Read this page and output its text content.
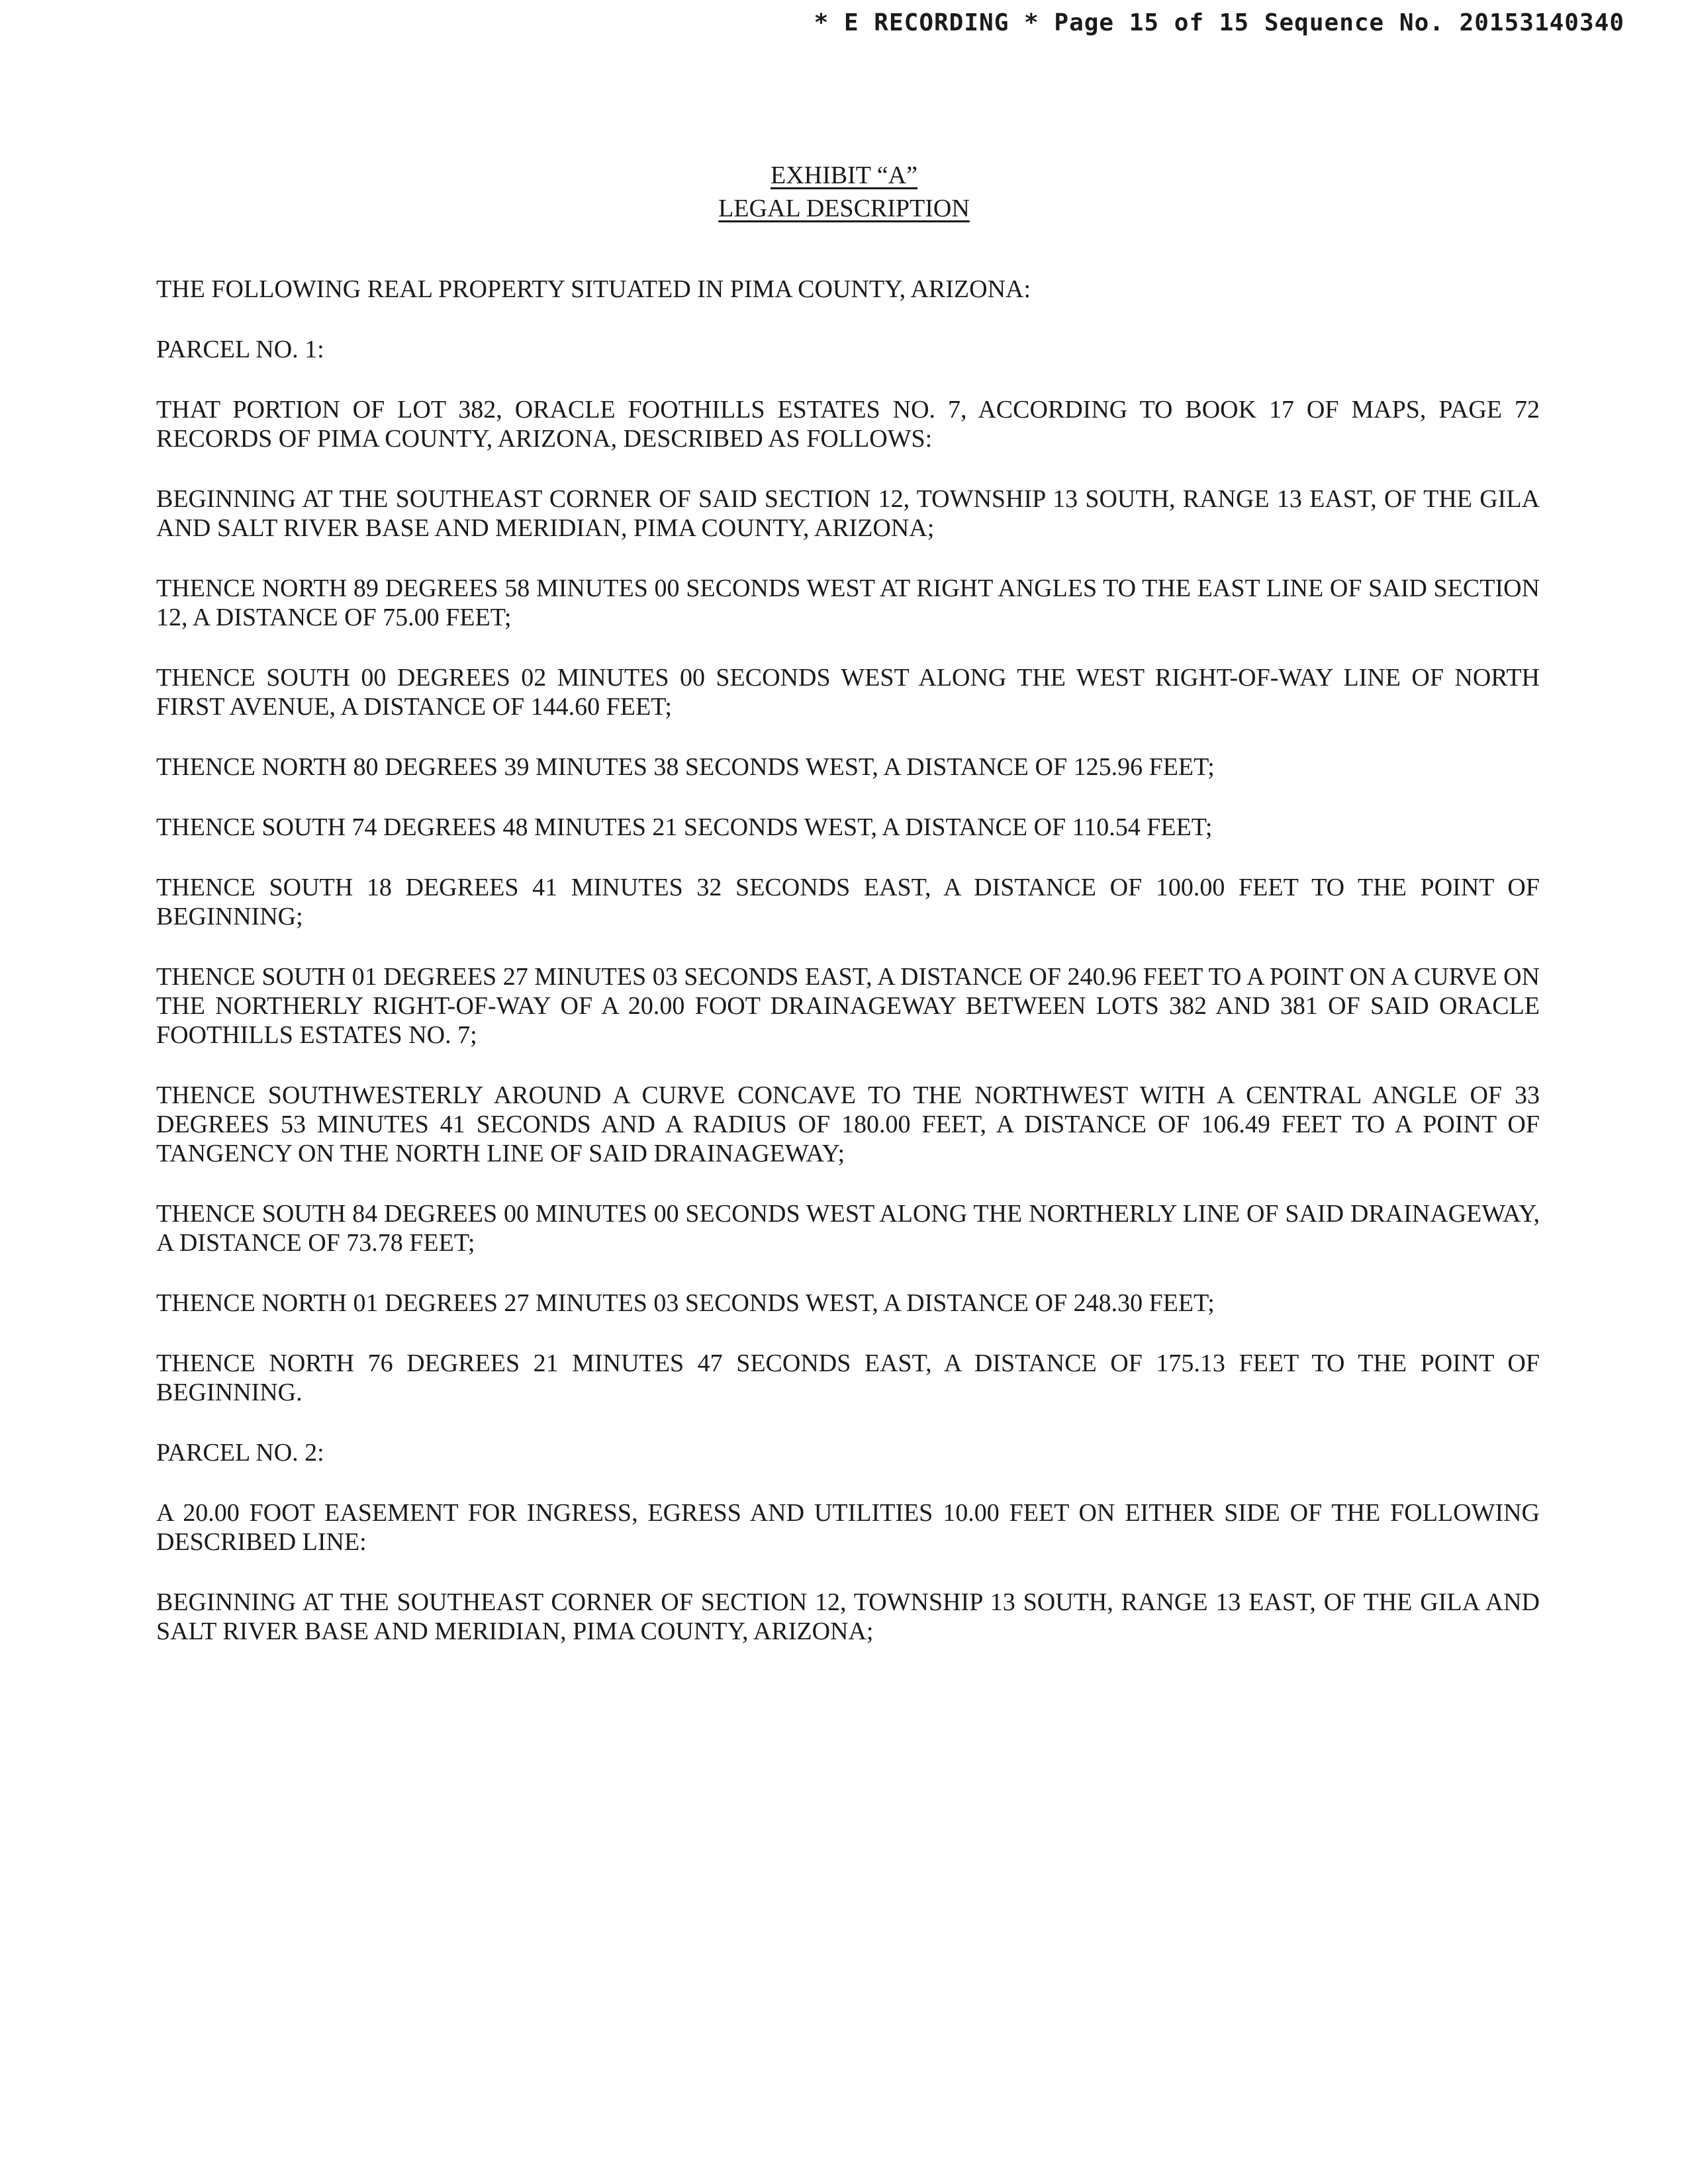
* E RECORDING * Page 15 of 15 Sequence No. 20153140340
EXHIBIT “A”
LEGAL DESCRIPTION

THE FOLLOWING REAL PROPERTY SITUATED IN PIMA COUNTY, ARIZONA:

PARCEL NO. 1:

THAT PORTION OF LOT 382, ORACLE FOOTHILLS ESTATES NO. 7, ACCORDING TO BOOK 17 OF MAPS, PAGE 72 RECORDS OF PIMA COUNTY, ARIZONA, DESCRIBED AS FOLLOWS:

BEGINNING AT THE SOUTHEAST CORNER OF SAID SECTION 12, TOWNSHIP 13 SOUTH, RANGE 13 EAST, OF THE GILA AND SALT RIVER BASE AND MERIDIAN, PIMA COUNTY, ARIZONA;

THENCE NORTH 89 DEGREES 58 MINUTES 00 SECONDS WEST AT RIGHT ANGLES TO THE EAST LINE OF SAID SECTION 12, A DISTANCE OF 75.00 FEET;

THENCE SOUTH 00 DEGREES 02 MINUTES 00 SECONDS WEST ALONG THE WEST RIGHT-OF-WAY LINE OF NORTH FIRST AVENUE, A DISTANCE OF 144.60 FEET;

THENCE NORTH 80 DEGREES 39 MINUTES 38 SECONDS WEST, A DISTANCE OF 125.96 FEET;

THENCE SOUTH 74 DEGREES 48 MINUTES 21 SECONDS WEST, A DISTANCE OF 110.54 FEET;

THENCE SOUTH 18 DEGREES 41 MINUTES 32 SECONDS EAST, A DISTANCE OF 100.00 FEET TO THE POINT OF BEGINNING;

THENCE SOUTH 01 DEGREES 27 MINUTES 03 SECONDS EAST, A DISTANCE OF 240.96 FEET TO A POINT ON A CURVE ON THE NORTHERLY RIGHT-OF-WAY OF A 20.00 FOOT DRAINAGEWAY BETWEEN LOTS 382 AND 381 OF SAID ORACLE FOOTHILLS ESTATES NO. 7;

THENCE SOUTHWESTERLY AROUND A CURVE CONCAVE TO THE NORTHWEST WITH A CENTRAL ANGLE OF 33 DEGREES 53 MINUTES 41 SECONDS AND A RADIUS OF 180.00 FEET, A DISTANCE OF 106.49 FEET TO A POINT OF TANGENCY ON THE NORTH LINE OF SAID DRAINAGEWAY;

THENCE SOUTH 84 DEGREES 00 MINUTES 00 SECONDS WEST ALONG THE NORTHERLY LINE OF SAID DRAINAGEWAY, A DISTANCE OF 73.78 FEET;

THENCE NORTH 01 DEGREES 27 MINUTES 03 SECONDS WEST, A DISTANCE OF 248.30 FEET;

THENCE NORTH 76 DEGREES 21 MINUTES 47 SECONDS EAST, A DISTANCE OF 175.13 FEET TO THE POINT OF BEGINNING.

PARCEL NO. 2:

A 20.00 FOOT EASEMENT FOR INGRESS, EGRESS AND UTILITIES 10.00 FEET ON EITHER SIDE OF THE FOLLOWING DESCRIBED LINE:

BEGINNING AT THE SOUTHEAST CORNER OF SECTION 12, TOWNSHIP 13 SOUTH, RANGE 13 EAST, OF THE GILA AND SALT RIVER BASE AND MERIDIAN, PIMA COUNTY, ARIZONA;
